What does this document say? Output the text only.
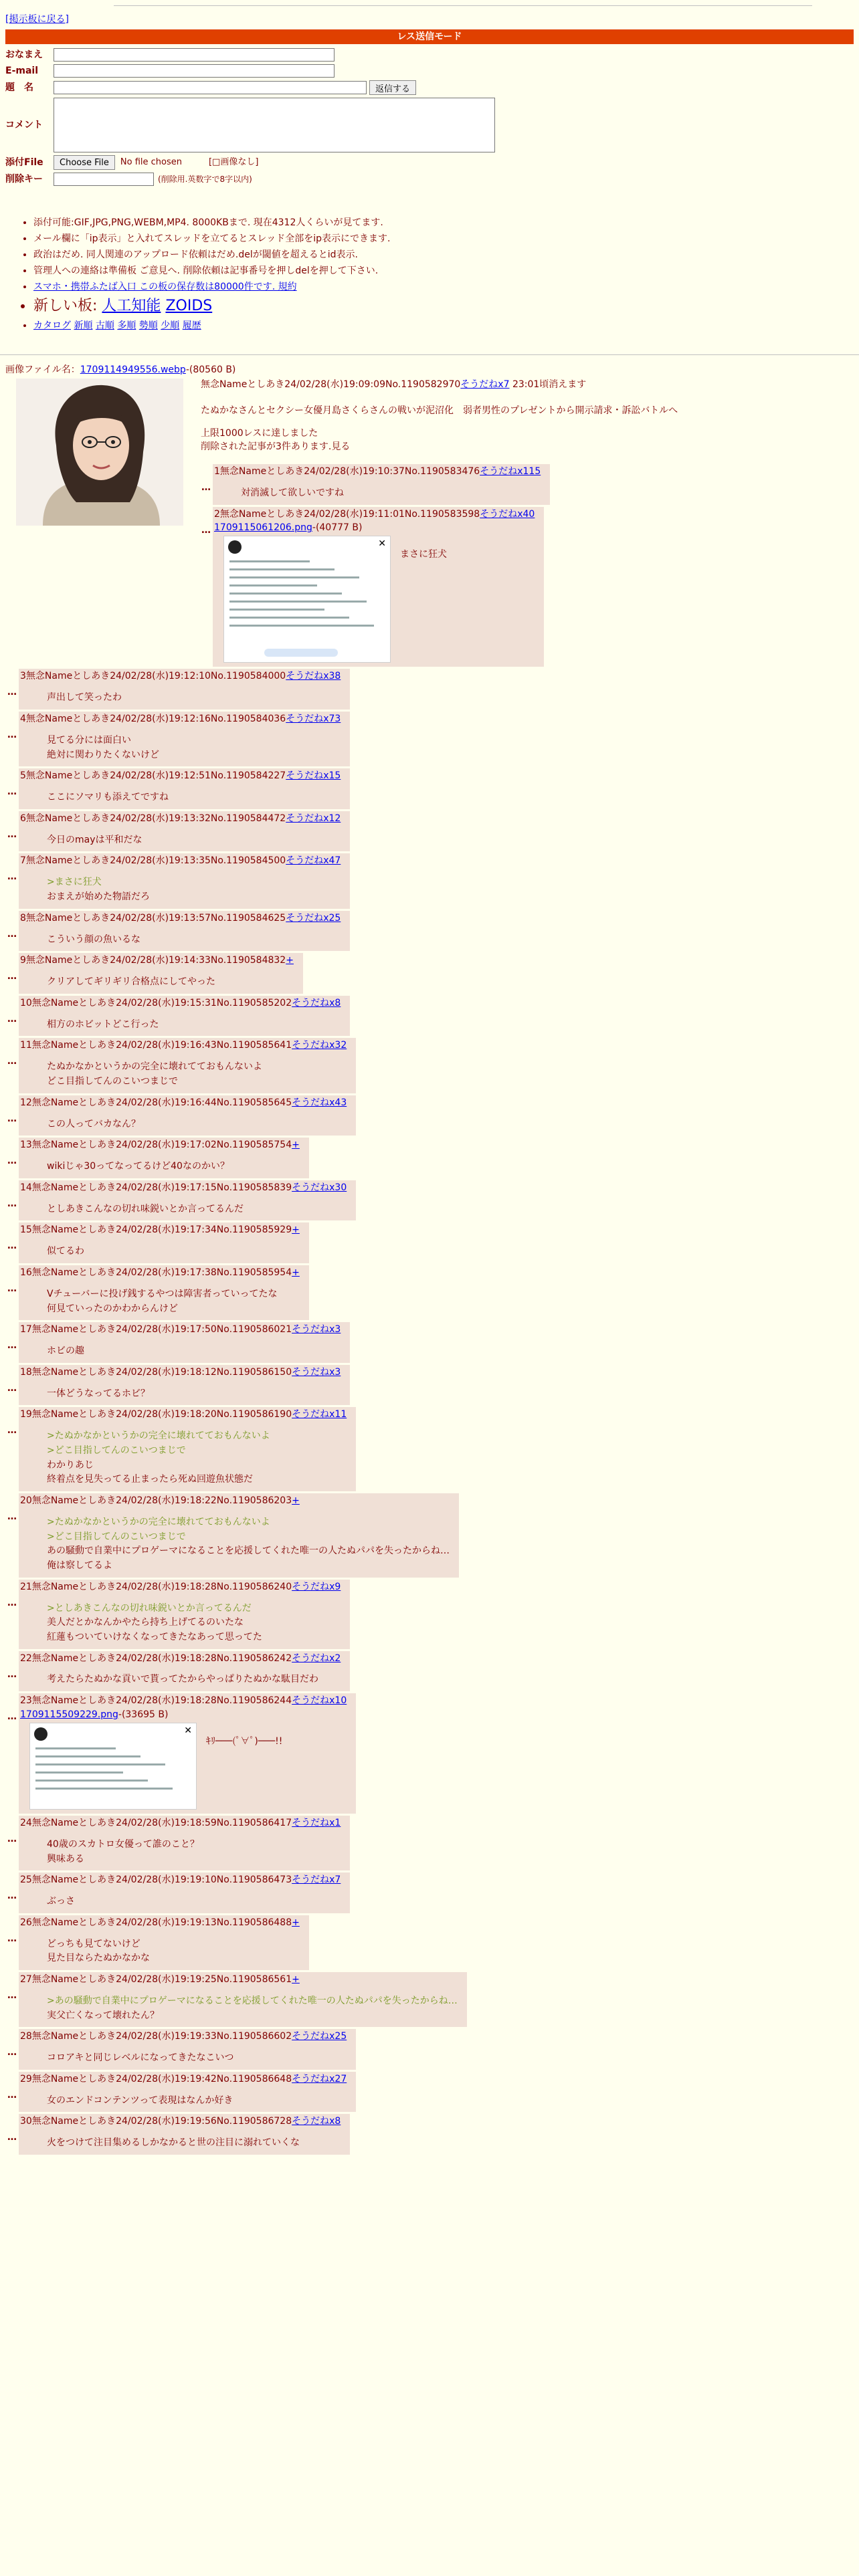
[掲示板に戻る]
レス送信モード
おなまえ
E-mail
題　名	返信する
コメント
添付File	Choose File	No file chosen	[□画像なし]
削除キー	(削除用.英数字で8字以内)
• 添付可能:GIF,JPG,PNG,WEBM,MP4. 8000KBまで. 現在4312人くらいが見てます.
• メール欄に「ip表示」と入れてスレッドを立てるとスレッド全部をip表示にできます.
• 政治はだめ. 同人関連のアップロード依頼はだめ.delが閾値を超えるとid表示.
• 管理人への連絡は準備板 ご意見へ. 削除依頼は記事番号を押しdelを押して下さい.
• スマホ・携帯ふたば入口 この板の保存数は80000件です. 規約
• 新しい板: 人工知能 ZOIDS
• カタログ 新順 古順 多順 勢順 少順 履歴
画像ファイル名：1709114949556.webp-(80560 B)
無念Nameとしあき24/02/28(水)19:09:09No.1190582970そうだねx7 23:01頃消えます
たぬかなさんとセクシー女優月島さくらさんの戦いが泥沼化　弱者男性のプレゼントから開示請求・訴訟バトルへ
上限1000レスに達しました
削除された記事が3件あります.見る
…
1無念Nameとしあき24/02/28(水)19:10:37No.1190583476そうだねx115
対消滅して欲しいですね
…
2無念Nameとしあき24/02/28(水)19:11:01No.1190583598そうだねx40
1709115061206.png-(40777 B)
✕
まさに狂犬
…
3無念Nameとしあき24/02/28(水)19:12:10No.1190584000そうだねx38
声出して笑ったわ
…
4無念Nameとしあき24/02/28(水)19:12:16No.1190584036そうだねx73
見てる分には面白い
絶対に関わりたくないけど
…
5無念Nameとしあき24/02/28(水)19:12:51No.1190584227そうだねx15
ここにソマリも添えてですね
…
6無念Nameとしあき24/02/28(水)19:13:32No.1190584472そうだねx12
今日のmayは平和だな
…
7無念Nameとしあき24/02/28(水)19:13:35No.1190584500そうだねx47
>まさに狂犬
おまえが始めた物語だろ
…
8無念Nameとしあき24/02/28(水)19:13:57No.1190584625そうだねx25
こういう顔の魚いるな
…
9無念Nameとしあき24/02/28(水)19:14:33No.1190584832+
クリアしてギリギリ合格点にしてやった
…
10無念Nameとしあき24/02/28(水)19:15:31No.1190585202そうだねx8
相方のホビットどこ行った
…
11無念Nameとしあき24/02/28(水)19:16:43No.1190585641そうだねx32
たぬかなかというかの完全に壊れてておもんないよ
どこ目指してんのこいつまじで
…
12無念Nameとしあき24/02/28(水)19:16:44No.1190585645そうだねx43
この人ってバカなん？
…
13無念Nameとしあき24/02/28(水)19:17:02No.1190585754+
wikiじゃ30ってなってるけど40なのかい？
…
14無念Nameとしあき24/02/28(水)19:17:15No.1190585839そうだねx30
としあきこんなの切れ味鋭いとか言ってるんだ
…
15無念Nameとしあき24/02/28(水)19:17:34No.1190585929+
似てるわ
…
16無念Nameとしあき24/02/28(水)19:17:38No.1190585954+
Vチューバーに投げ銭するやつは障害者っていってたな
何見ていったのかわからんけど
…
17無念Nameとしあき24/02/28(水)19:17:50No.1190586021そうだねx3
ホビの趣
…
18無念Nameとしあき24/02/28(水)19:18:12No.1190586150そうだねx3
一体どうなってるホビ？
…
19無念Nameとしあき24/02/28(水)19:18:20No.1190586190そうだねx11
>たぬかなかというかの完全に壊れてておもんないよ
>どこ目指してんのこいつまじで
わかりあじ
終着点を見失ってる止まったら死ぬ回遊魚状態だ
…
20無念Nameとしあき24/02/28(水)19:18:22No.1190586203+
>たぬかなかというかの完全に壊れてておもんないよ
>どこ目指してんのこいつまじで
あの騒動で自業中にプロゲーマになることを応援してくれた唯一の人たぬパパを失ったからね…
俺は察してるよ
…
21無念Nameとしあき24/02/28(水)19:18:28No.1190586240そうだねx9
>としあきこんなの切れ味鋭いとか言ってるんだ
美人だとかなんかやたら持ち上げてるのいたな
紅蓮もついていけなくなってきたなあって思ってた
…
22無念Nameとしあき24/02/28(水)19:18:28No.1190586242そうだねx2
考えたらたぬかな貢いで貰ってたからやっぱりたぬかな駄目だわ
…
23無念Nameとしあき24/02/28(水)19:18:28No.1190586244そうだねx10
1709115509229.png-(33695 B)
✕
ｷﾘ───(ﾟ∀ﾟ)───!!
…
24無念Nameとしあき24/02/28(水)19:18:59No.1190586417そうだねx1
40歳のスカトロ女優って誰のこと？
興味ある
…
25無念Nameとしあき24/02/28(水)19:19:10No.1190586473そうだねx7
ぶっさ
…
26無念Nameとしあき24/02/28(水)19:19:13No.1190586488+
どっちも見てないけど
見た目ならたぬかなかな
…
27無念Nameとしあき24/02/28(水)19:19:25No.1190586561+
>あの騒動で自業中にプロゲーマになることを応援してくれた唯一の人たぬパパを失ったからね…
実父亡くなって壊れたん？
…
28無念Nameとしあき24/02/28(水)19:19:33No.1190586602そうだねx25
コロアキと同じレベルになってきたなこいつ
…
29無念Nameとしあき24/02/28(水)19:19:42No.1190586648そうだねx27
女のエンドコンテンツって表現はなんか好き
…
30無念Nameとしあき24/02/28(水)19:19:56No.1190586728そうだねx8
火をつけて注目集めるしかなかると世の注目に溺れていくな
